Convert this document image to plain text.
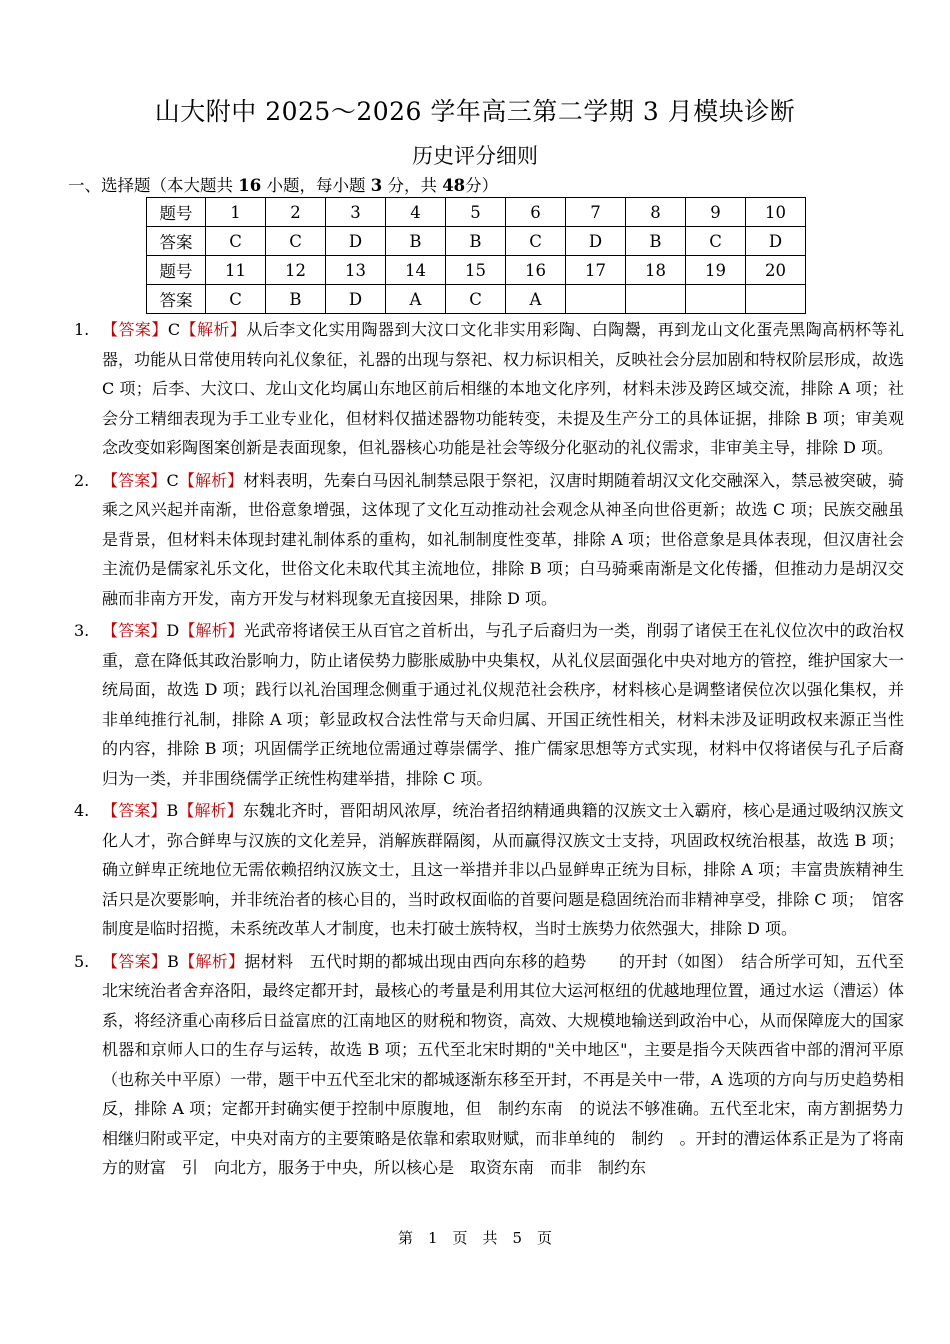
山大附中 2025～2026 学年高三第二学期 3 月模块诊断
历史评分细则
一、选择题（本大题共 16 小题，每小题 3 分，共 48分）
题号	1	2	3	4	5	6	7	8	9	10
答案	C	C	D	B	B	C	D	B	C	D
题号	11	12	13	14	15	16	17	18	19	20
答案	C	B	D	A	C	A				
1. 【答案】C【解析】从后李文化实用陶器到大汶口文化非实用彩陶、白陶鬶，再到龙山文化蛋壳黑陶高柄杯等礼器，功能从日常使用转向礼仪象征，礼器的出现与祭祀、权力标识相关，反映社会分层加剧和特权阶层形成，故选 C 项；后李、大汶口、龙山文化均属山东地区前后相继的本地文化序列，材料未涉及跨区域交流，排除 A 项；社会分工精细表现为手工业专业化，但材料仅描述器物功能转变，未提及生产分工的具体证据，排除 B 项；审美观念改变如彩陶图案创新是表面现象，但礼器核心功能是社会等级分化驱动的礼仪需求，非审美主导，排除 D 项。
2. 【答案】C【解析】材料表明，先秦白马因礼制禁忌限于祭祀，汉唐时期随着胡汉文化交融深入，禁忌被突破，骑乘之风兴起并南渐，世俗意象增强，这体现了文化互动推动社会观念从神圣向世俗更新；故选 C 项；民族交融虽是背景，但材料未体现封建礼制体系的重构，如礼制制度性变革，排除 A 项；世俗意象是具体表现，但汉唐社会主流仍是儒家礼乐文化，世俗文化未取代其主流地位，排除 B 项；白马骑乘南渐是文化传播，但推动力是胡汉交融而非南方开发，南方开发与材料现象无直接因果，排除 D 项。
3. 【答案】D【解析】光武帝将诸侯王从百官之首析出，与孔子后裔归为一类，削弱了诸侯王在礼仪位次中的政治权重，意在降低其政治影响力，防止诸侯势力膨胀威胁中央集权，从礼仪层面强化中央对地方的管控，维护国家大一统局面，故选 D 项；践行以礼治国理念侧重于通过礼仪规范社会秩序，材料核心是调整诸侯位次以强化集权，并非单纯推行礼制，排除 A 项；彰显政权合法性常与天命归属、开国正统性相关，材料未涉及证明政权来源正当性的内容，排除 B 项；巩固儒学正统地位需通过尊崇儒学、推广儒家思想等方式实现，材料中仅将诸侯与孔子后裔归为一类，并非围绕儒学正统性构建举措，排除 C 项。
4. 【答案】B【解析】东魏北齐时，晋阳胡风浓厚，统治者招纳精通典籍的汉族文士入霸府，核心是通过吸纳汉族文化人才，弥合鲜卑与汉族的文化差异，消解族群隔阂，从而赢得汉族文士支持，巩固政权统治根基，故选 B 项；确立鲜卑正统地位无需依赖招纳汉族文士，且这一举措并非以凸显鲜卑正统为目标，排除 A 项；丰富贵族精神生活只是次要影响，并非统治者的核心目的，当时政权面临的首要问题是稳固统治而非精神享受，排除 C 项；　馆客　制度是临时招揽，未系统改革人才制度，也未打破士族特权，当时士族势力依然强大，排除 D 项。
5. 【答案】B【解析】据材料　五代时期的都城出现由西向东移的趋势　　的开封（如图）　结合所学可知，五代至北宋统治者舍弃洛阳，最终定都开封，最核心的考量是利用其位大运河枢纽的优越地理位置，通过水运（漕运）体系，将经济重心南移后日益富庶的江南地区的财税和物资，高效、大规模地输送到政治中心，从而保障庞大的国家机器和京师人口的生存与运转，故选 B 项；五代至北宋时期的"关中地区"，主要是指今天陕西省中部的渭河平原（也称关中平原）一带，题干中五代至北宋的都城逐渐东移至开封，不再是关中一带，A 选项的方向与历史趋势相反，排除 A 项；定都开封确实便于控制中原腹地，但　制约东南　的说法不够准确。五代至北宋，南方割据势力相继归附或平定，中央对南方的主要策略是依靠和索取财赋，而非单纯的　制约　。开封的漕运体系正是为了将南方的财富　引　向北方，服务于中央，所以核心是　取资东南　而非　制约东
第　1　页　共　5　页
